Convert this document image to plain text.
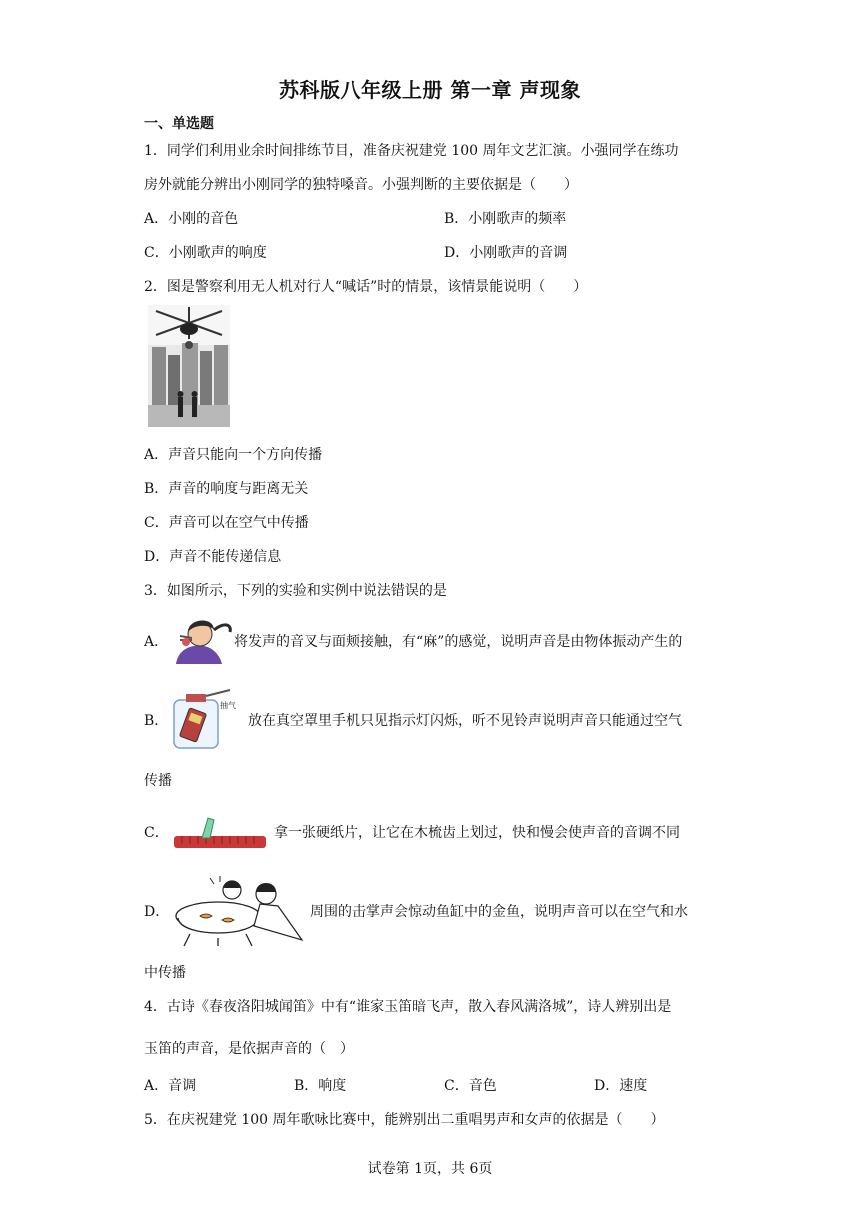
苏科版八年级上册 第一章 声现象
一、单选题
1．同学们利用业余时间排练节目，准备庆祝建党 100 周年文艺汇演。小强同学在练功
房外就能分辨出小刚同学的独特嗓音。小强判断的主要依据是（　　）
A．小刚的音色	B．小刚歌声的频率
C．小刚歌声的响度	D．小刚歌声的音调
2．图是警察利用无人机对行人“喊话”时的情景，该情景能说明（　　）
A．声音只能向一个方向传播
B．声音的响度与距离无关
C．声音可以在空气中传播
D．声音不能传递信息
3．如图所示，下列的实验和实例中说法错误的是
A．	将发声的音叉与面颊接触，有“麻”的感觉，说明声音是由物体振动产生的
B．
抽气
放在真空罩里手机只见指示灯闪烁，听不见铃声说明声音只能通过空气
传播
C．	拿一张硬纸片，让它在木梳齿上划过，快和慢会使声音的音调不同
D．	周围的击掌声会惊动鱼缸中的金鱼，说明声音可以在空气和水
中传播
4．古诗《春夜洛阳城闻笛》中有“谁家玉笛暗飞声，散入春风满洛城”，诗人辨别出是
玉笛的声音，是依据声音的（　）
A．音调	B．响度	C．音色	D．速度
5．在庆祝建党 100 周年歌咏比赛中，能辨别出二重唱男声和女声的依据是（　　）
试卷第 1页，共 6页
